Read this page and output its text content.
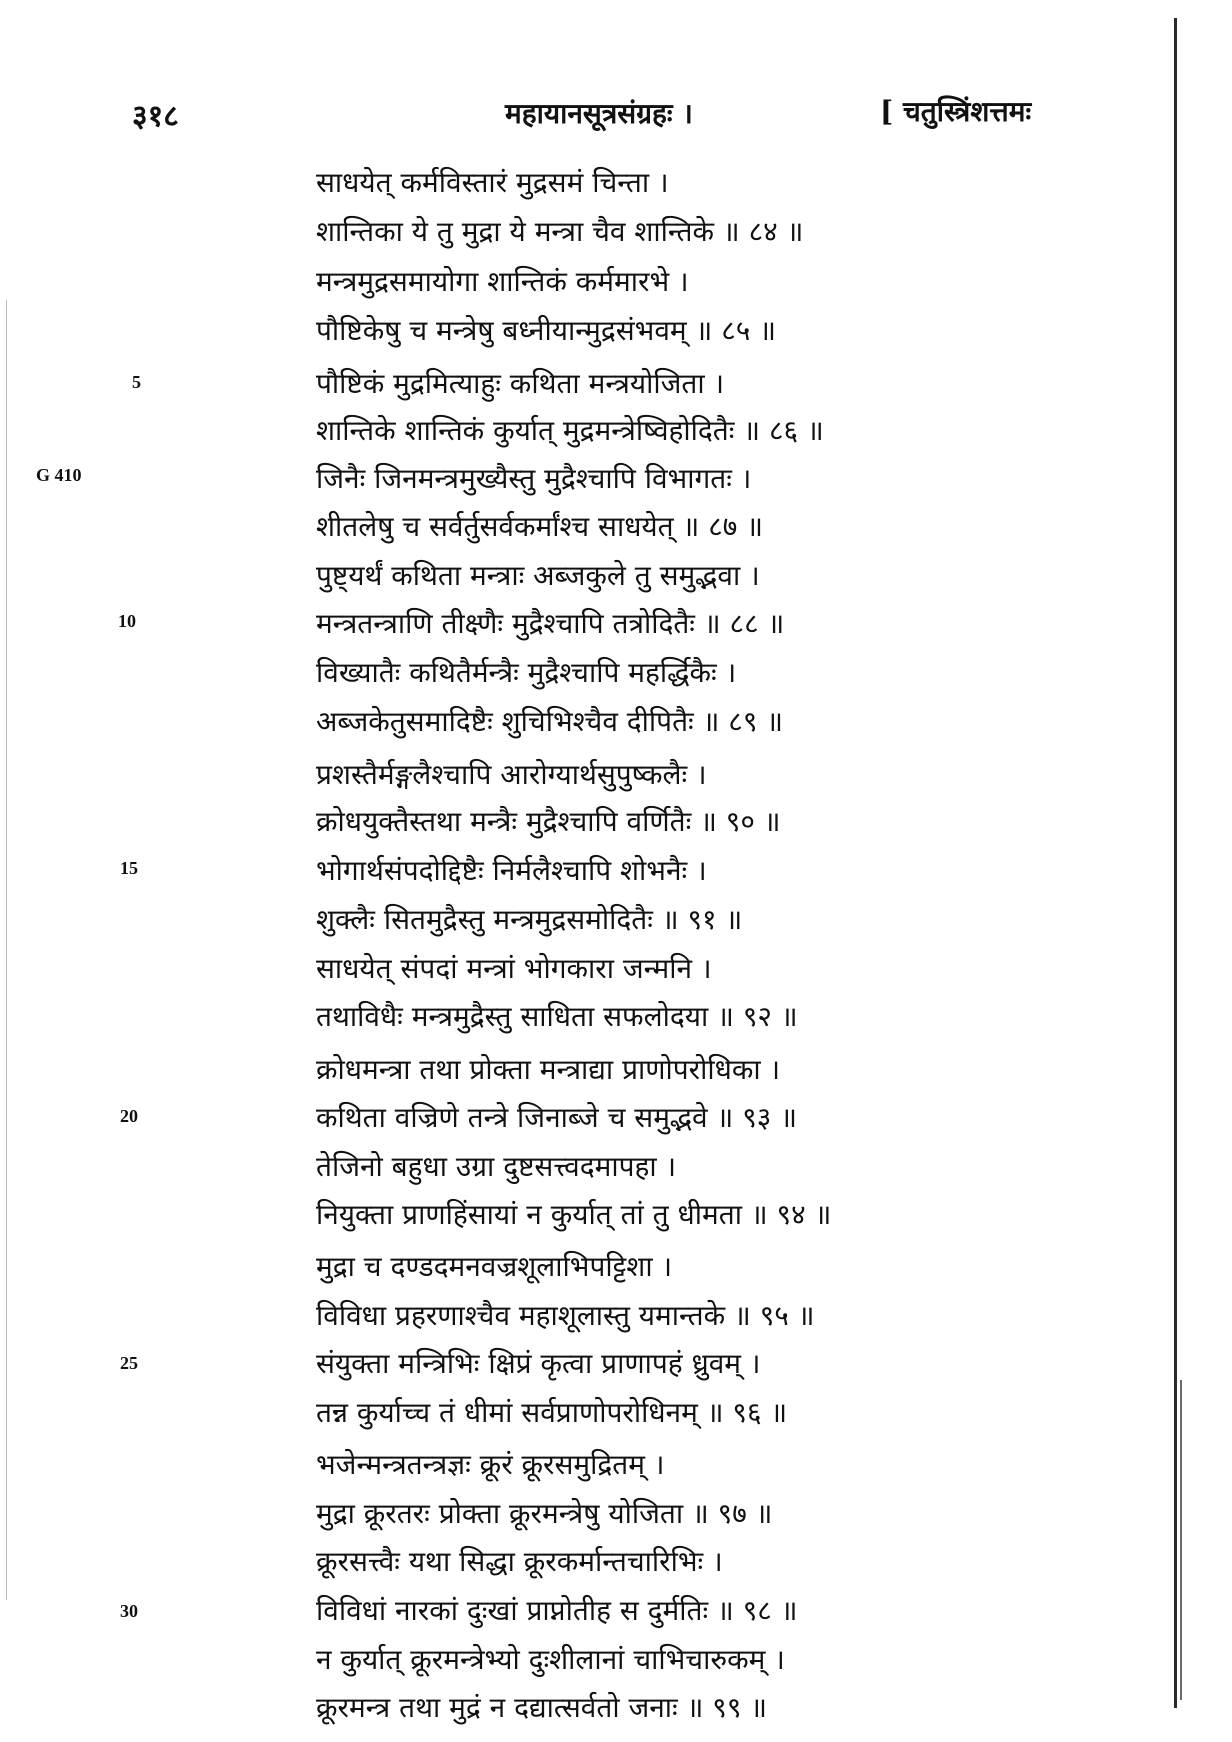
३१८	महायानसूत्रसंग्रहः ।	[ चतुस्त्रिंशत्तमः
5
G 410
10
15
20
25
30
साधयेत् कर्मविस्तारं मुद्रसमं चिन्ता ।
शान्तिका ये तु मुद्रा ये मन्त्रा चैव शान्तिके ॥ ८४ ॥
मन्त्रमुद्रसमायोगा शान्तिकं कर्ममारभे ।
पौष्टिकेषु च मन्त्रेषु बध्नीयान्मुद्रसंभवम् ॥ ८५ ॥
पौष्टिकं मुद्रमित्याहुः कथिता मन्त्रयोजिता ।
शान्तिके शान्तिकं कुर्यात् मुद्रमन्त्रेष्विहोदितैः ॥ ८६ ॥
जिनैः जिनमन्त्रमुख्यैस्तु मुद्रैश्चापि विभागतः ।
शीतलेषु च सर्वर्तुसर्वकर्मांश्च साधयेत् ॥ ८७ ॥
पुष्ट्यर्थं कथिता मन्त्राः अब्जकुले तु समुद्भवा ।
मन्त्रतन्त्राणि तीक्ष्णैः मुद्रैश्चापि तत्रोदितैः ॥ ८८ ॥
विख्यातैः कथितैर्मन्त्रैः मुद्रैश्चापि महर्द्धिकैः ।
अब्जकेतुसमादिष्टैः शुचिभिश्चैव दीपितैः ॥ ८९ ॥
प्रशस्तैर्मङ्गलैश्चापि आरोग्यार्थसुपुष्कलैः ।
क्रोधयुक्तैस्तथा मन्त्रैः मुद्रैश्चापि वर्णितैः ॥ ९० ॥
भोगार्थसंपदोद्दिष्टैः निर्मलैश्चापि शोभनैः ।
शुक्लैः सितमुद्रैस्तु मन्त्रमुद्रसमोदितैः ॥ ९१ ॥
साधयेत् संपदां मन्त्रां भोगकारा जन्मनि ।
तथाविधैः मन्त्रमुद्रैस्तु साधिता सफलोदया ॥ ९२ ॥
क्रोधमन्त्रा तथा प्रोक्ता मन्त्राद्या प्राणोपरोधिका ।
कथिता वज्रिणे तन्त्रे जिनाब्जे च समुद्भवे ॥ ९३ ॥
तेजिनो बहुधा उग्रा दुष्टसत्त्वदमापहा ।
नियुक्ता प्राणहिंसायां न कुर्यात् तां तु धीमता ॥ ९४ ॥
मुद्रा च दण्डदमनवज्रशूलाभिपट्टिशा ।
विविधा प्रहरणाश्चैव महाशूलास्तु यमान्तके ॥ ९५ ॥
संयुक्ता मन्त्रिभिः क्षिप्रं कृत्वा प्राणापहं ध्रुवम् ।
तन्न कुर्याच्च तं धीमां सर्वप्राणोपरोधिनम् ॥ ९६ ॥
भजेन्मन्त्रतन्त्रज्ञः क्रूरं क्रूरसमुद्रितम् ।
मुद्रा क्रूरतरः प्रोक्ता क्रूरमन्त्रेषु योजिता ॥ ९७ ॥
क्रूरसत्त्वैः यथा सिद्धा क्रूरकर्मान्तचारिभिः ।
विविधां नारकां दुःखां प्राप्नोतीह स दुर्मतिः ॥ ९८ ॥
न कुर्यात् क्रूरमन्त्रेभ्यो दुःशीलानां चाभिचारुकम् ।
क्रूरमन्त्र तथा मुद्रं न दद्यात्सर्वतो जनाः ॥ ९९ ॥
